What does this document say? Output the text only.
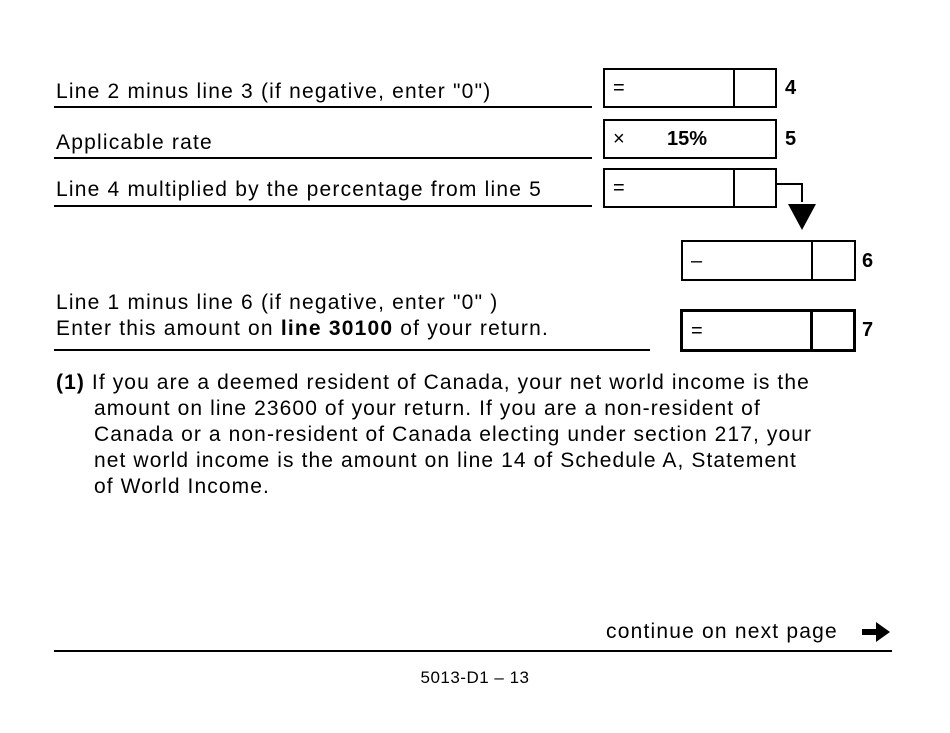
Line 2 minus line 3 (if negative, enter "0")	=	4
Applicable rate	× 15%	5
Line 4 multiplied by the percentage from line 5	=
–	6
Line 1 minus line 6 (if negative, enter "0" )
Enter this amount on line 30100 of your return.	=	7
(1) If you are a deemed resident of Canada, your net world income is the
amount on line 23600 of your return. If you are a non-resident of
Canada or a non-resident of Canada electing under section 217, your
net world income is the amount on line 14 of Schedule A, Statement
of World Income.
continue on next page
5013-D1 – 13
